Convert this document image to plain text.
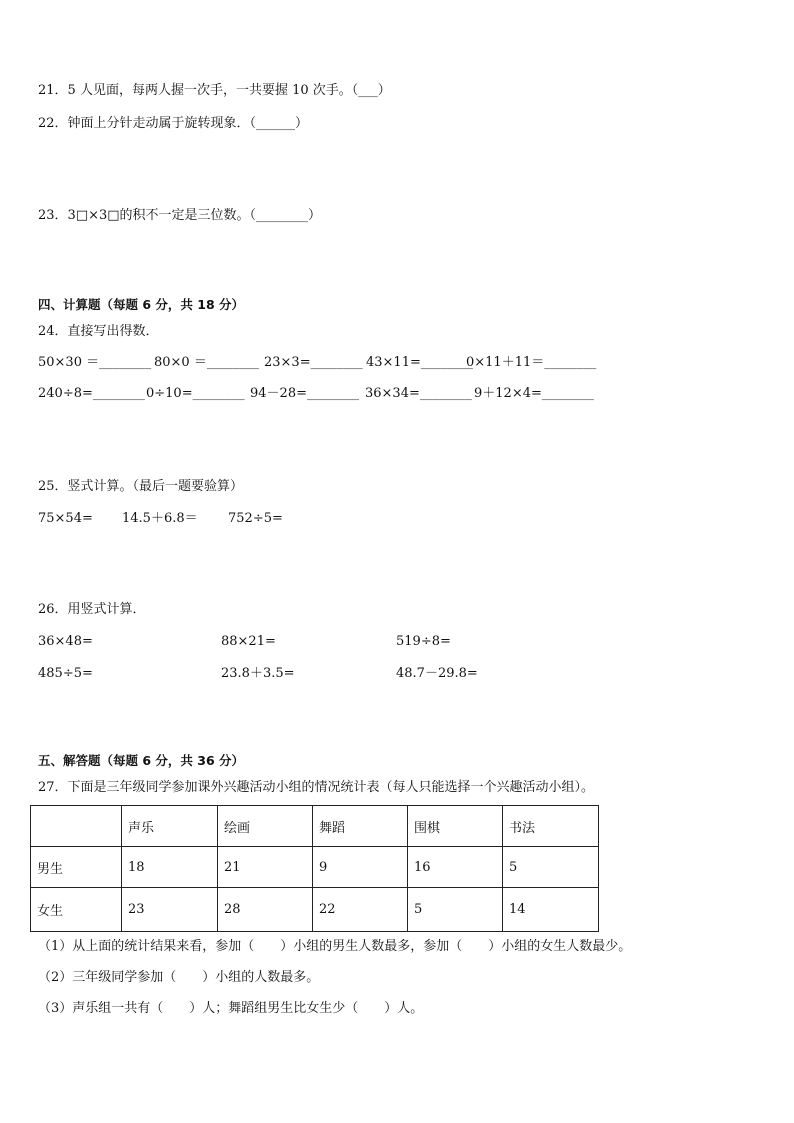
21．5 人见面，每两人握一次手，一共要握 10 次手。（___）
22．钟面上分针走动属于旋转现象．（______）
23．3□×3□的积不一定是三位数。（________）
四、计算题（每题 6 分，共 18 分）
24．直接写出得数．
50×30 ＝________ 80×0 ＝________ 23×3=________ 43×11=________
0×11＋11＝________
240÷8=________ 0÷10=________ 94－28=________ 36×34=________ 9＋12×4=________
25．竖式计算。（最后一题要验算）
75×54= 14.5＋6.8＝ 752÷5=
26．用竖式计算．
36×48=	88×21=	519÷8=
485÷5=	23.8＋3.5=	48.7－29.8=
五、解答题（每题 6 分，共 36 分）
27．下面是三年级同学参加课外兴趣活动小组的情况统计表（每人只能选择一个兴趣活动小组）。
	声乐	绘画	舞蹈	围棋	书法
男生	18	21	9	16	5
女生	23	28	22	5	14
（1）从上面的统计结果来看，参加（　　）小组的男生人数最多，参加（　　）小组的女生人数最少。
（2）三年级同学参加（　　）小组的人数最多。
（3）声乐组一共有（　　）人；舞蹈组男生比女生少（　　）人。
